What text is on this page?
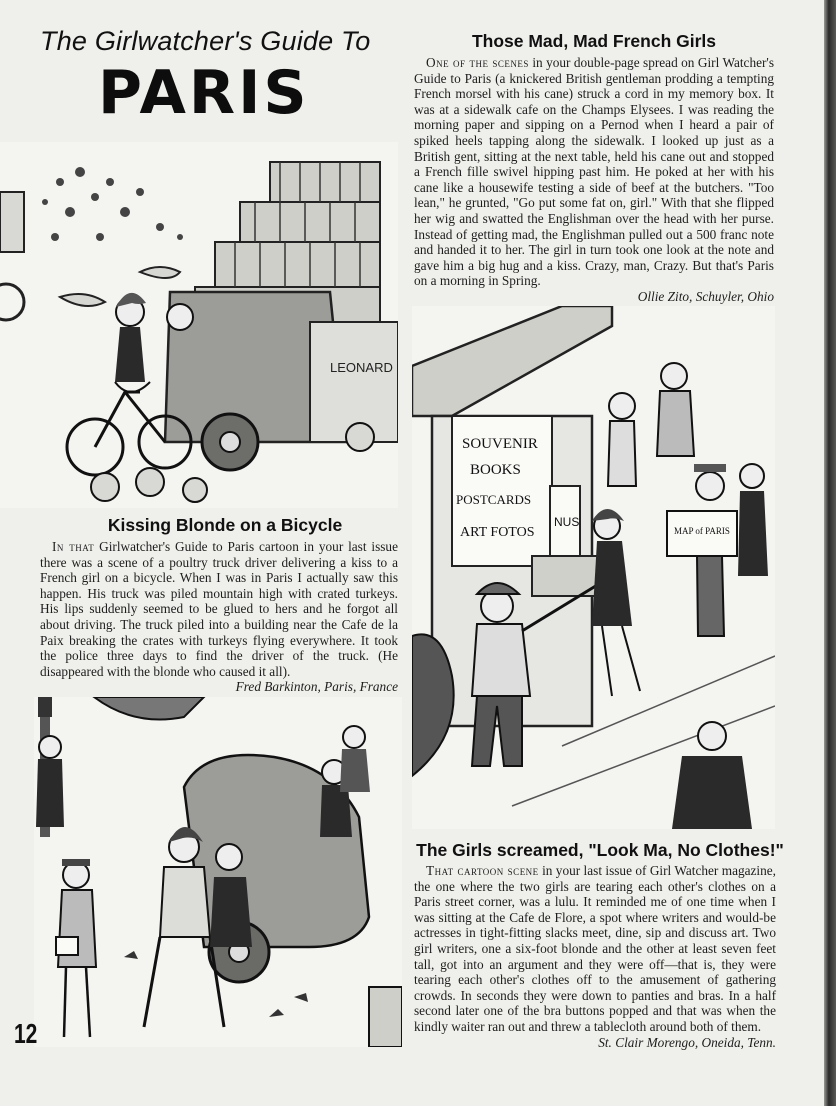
The Girlwatcher's Guide To
PARIS
LEONARD
Those Mad, Mad French Girls
One of the scenes in your double-page spread on Girl Watcher's Guide to Paris (a knickered British gentleman prodding a tempting French morsel with his cane) struck a cord in my memory box. It was at a sidewalk cafe on the Champs Elysees. I was reading the morning paper and sipping on a Pernod when I heard a pair of spiked heels tapping along the sidewalk. I looked up just as a British gent, sitting at the next table, held his cane out and stopped a French fille swivel hipping past him. He poked at her with his cane like a housewife testing a side of beef at the butchers. "Too lean," he grunted, "Go put some fat on, girl." With that she flipped her wig and swatted the Englishman over the head with her purse. Instead of getting mad, the Englishman pulled out a 500 franc note and handed it to her. The girl in turn took one look at the note and gave him a big hug and a kiss. Crazy, man, Crazy. But that's Paris on a morning in Spring.
Ollie Zito, Schuyler, Ohio
SOUVENIR
BOOKS
POSTCARDS
ART FOTOS
NUS
MAP of PARIS
Kissing Blonde on a Bicycle
In that Girlwatcher's Guide to Paris cartoon in your last issue there was a scene of a poultry truck driver delivering a kiss to a French girl on a bicycle. When I was in Paris I actually saw this happen. His truck was piled mountain high with crated turkeys. His lips suddenly seemed to be glued to hers and he forgot all about driving. The truck piled into a building near the Cafe de la Paix breaking the crates with turkeys flying everywhere. It took the police three days to find the driver of the truck. (He disappeared with the blonde who caused it all).
Fred Barkinton, Paris, France
The Girls screamed, "Look Ma, No Clothes!"
That cartoon scene in your last issue of Girl Watcher magazine, the one where the two girls are tearing each other's clothes on a Paris street corner, was a lulu. It reminded me of one time when I was sitting at the Cafe de Flore, a spot where writers and would-be actresses in tight-fitting slacks meet, dine, sip and discuss art. Two girl writers, one a six-foot blonde and the other at least seven feet tall, got into an argument and they were off—that is, they were tearing each other's clothes off to the amusement of gathering crowds. In seconds they were down to panties and bras. In a half second later one of the bra buttons popped and that was when the kindly waiter ran out and threw a tablecloth around both of them.
St. Clair Morengo, Oneida, Tenn.
12
